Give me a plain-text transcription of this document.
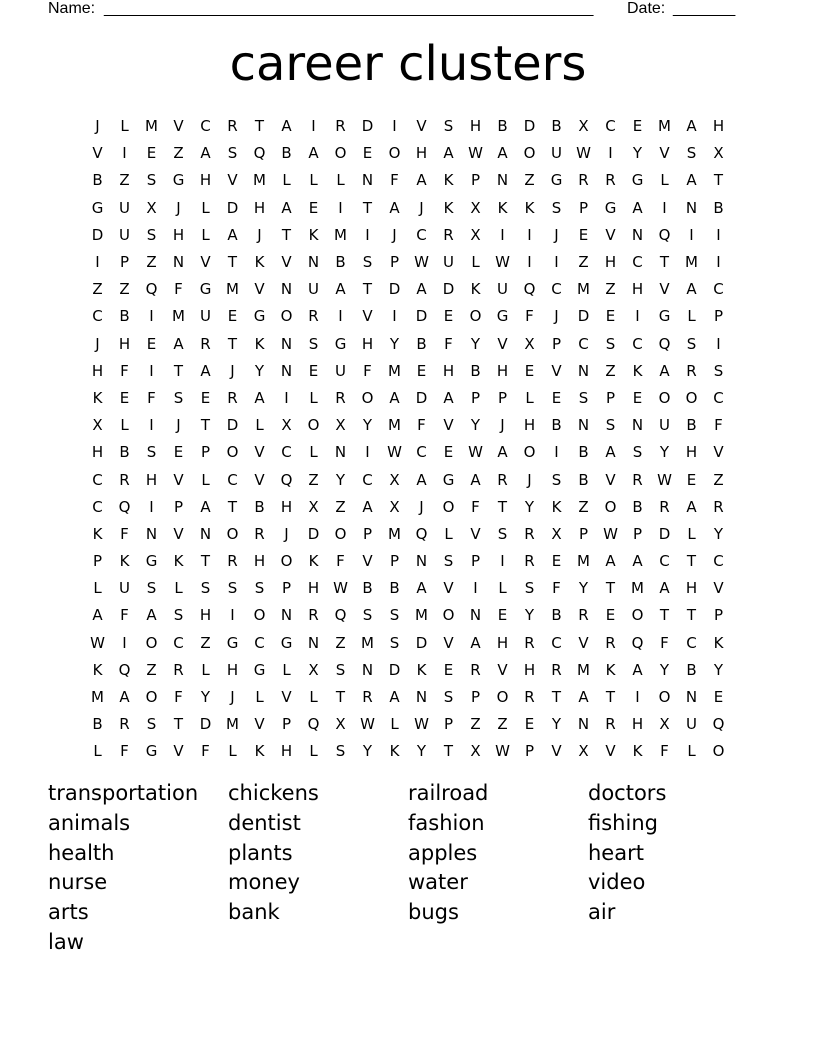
Name: _______________________________________________________ Date: _______
career clusters
J	L	M	V	C	R	T	A	I	R	D	I	V	S	H	B	D	B	X	C	E	M	A	H
V	I	E	Z	A	S	Q	B	A	O	E	O	H	A W A	O	U W	I	Y	V	S	X
B	Z	S	G	H	V	M	L	L	L	N	F	A	K	P	N	Z	G	R	R	G	L	A	T
G	U	X	J	L	D	H	A	E	I	T	A	J	K	X	K	K	S	P	G	A	I	N	B
D	U	S	H	L	A	J	T	K	M	I	J	C	R	X	I	I	J	E	V	N	Q	I	I
I	P	Z	N	V	T	K	V	N	B	S	P	W U	L	W	I	I	Z	H	C	T	M	I
Z	Z	Q	F	G M	V	N	U	A	T	D	A	D	K	U	Q	C	M	Z	H	V	A	C
C	B	I	M	U	E	G	O	R	I	V	I	D	E	O	G	F	J	D	E	I	G	L	P
J	H	E	A	R	T	K	N	S	G	H	Y	B	F	Y	V	X	P	C	S	C	Q	S	I
H	F	I	T	A	J	Y	N	E	U	F	M	E	H	B	H	E	V	N	Z	K	A	R	S
K	E	F	S	E	R	A	I	L	R	O	A	D	A	P	P	L	E	S	P	E	O	O	C
X	L	I	J	T	D	L	X	O	X	Y	M	F	V	Y	J	H	B	N	S	N	U	B	F
H	B	S	E	P	O	V	C	L	N	I	W C	E W A	O	I	B	A	S	Y	H	V
C	R	H	V	L	C	V	Q	Z	Y	C	X	A	G	A	R	J	S	B	V	R W E	Z
C	Q	I	P	A	T	B	H	X	Z	A	X	J	O	F	T	Y	K	Z	O	B	R	A	R
K	F	N	V	N	O	R	J	D	O	P	M Q	L	V	S	R	X	P	W	P	D	L	Y
P	K	G	K	T	R	H	O	K	F	V	P	N	S	P	I	R	E	M	A	A	C	T	C
L	U	S	L	S	S	S	P	H W B	B	A	V	I	L	S	F	Y	T	M	A	H	V
A	F	A	S	H	I	O	N	R	Q	S	S	M O	N	E	Y	B	R	E	O	T	T	P
W	I	O	C	Z	G	C	G	N	Z	M	S	D	V	A	H	R	C	V	R	Q	F	C	K
K	Q	Z	R	L	H	G	L	X	S	N	D	K	E	R	V	H	R	M	K	A	Y	B	Y
M	A	O	F	Y	J	L	V	L	T	R	A	N	S	P	O	R	T	A	T	I	O	N	E
B	R	S	T	D M	V	P	Q	X W	L	W	P	Z	Z	E	Y	N	R	H	X	U	Q
L	F	G	V	F	L	K	H	L	S	Y	K	Y	T	X W	P	V	X	V	K	F	L	O
transportation	chickens	railroad	doctors
animals	dentist	fashion	fishing
health	plants	apples	heart
nurse	money	water	video
arts	bank	bugs	air
law
